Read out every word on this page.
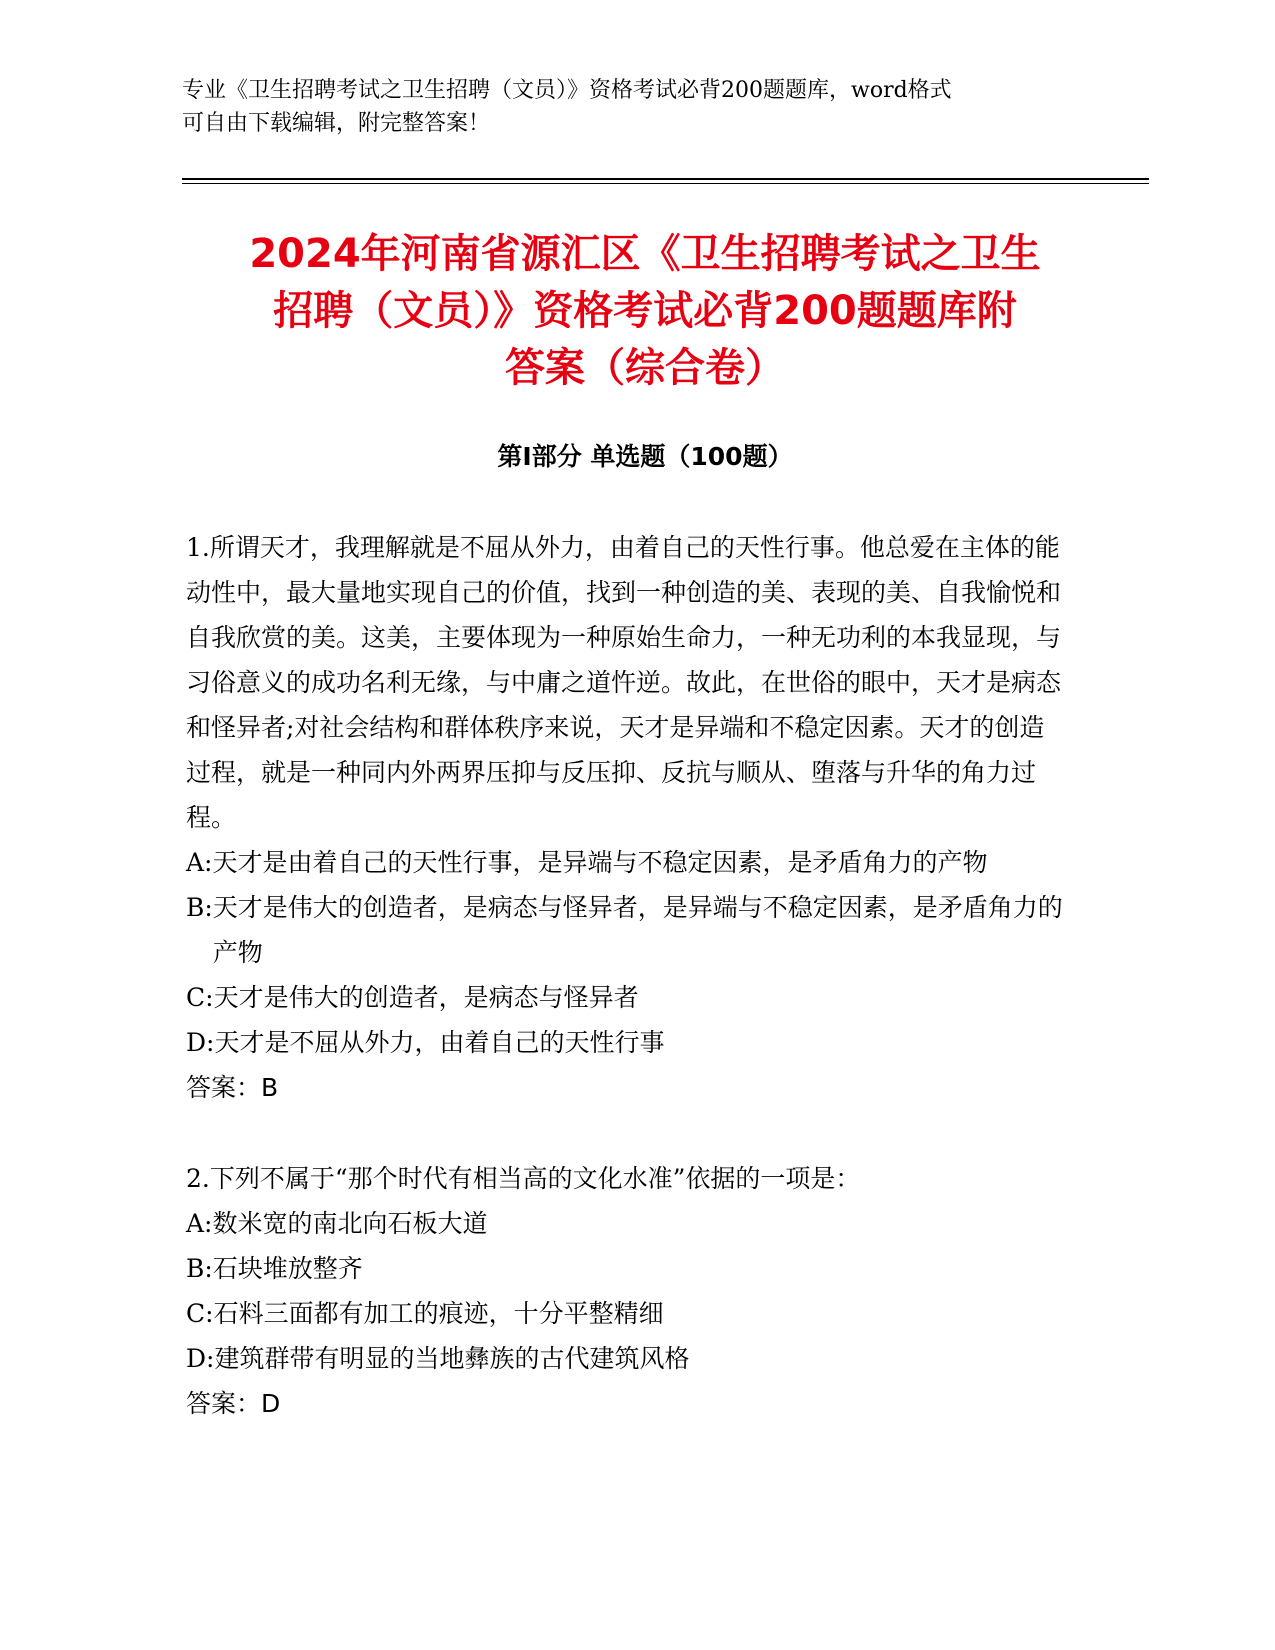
专业《卫生招聘考试之卫生招聘（文员）》资格考试必背200题题库，word格式

可自由下载编辑，附完整答案！

2024年河南省源汇区《卫生招聘考试之卫生
招聘（文员）》资格考试必背200题题库附
答案（综合卷）
第Ⅰ部分 单选题（100题）

1.所谓天才，我理解就是不屈从外力，由着自己的天性行事。他总爱在主体的能动性中，最大量地实现自己的价值，找到一种创造的美、表现的美、自我愉悦和自我欣赏的美。这美，主要体现为一种原始生命力，一种无功利的本我显现，与习俗意义的成功名利无缘，与中庸之道忤逆。故此，在世俗的眼中，天才是病态和怪异者;对社会结构和群体秩序来说，天才是异端和不稳定因素。天才的创造过程，就是一种同内外两界压抑与反压抑、反抗与顺从、堕落与升华的角力过程。

A: 天才是由着自己的天性行事，是异端与不稳定因素，是矛盾角力的产物
B: 天才是伟大的创造者，是病态与怪异者，是异端与不稳定因素，是矛盾角力的产物
C: 天才是伟大的创造者，是病态与怪异者
D: 天才是不屈从外力，由着自己的天性行事

答案：B

2.下列不属于“那个时代有相当高的文化水准”依据的一项是：

A: 数米宽的南北向石板大道
B: 石块堆放整齐
C: 石料三面都有加工的痕迹，十分平整精细
D: 建筑群带有明显的当地彝族的古代建筑风格

答案：D
